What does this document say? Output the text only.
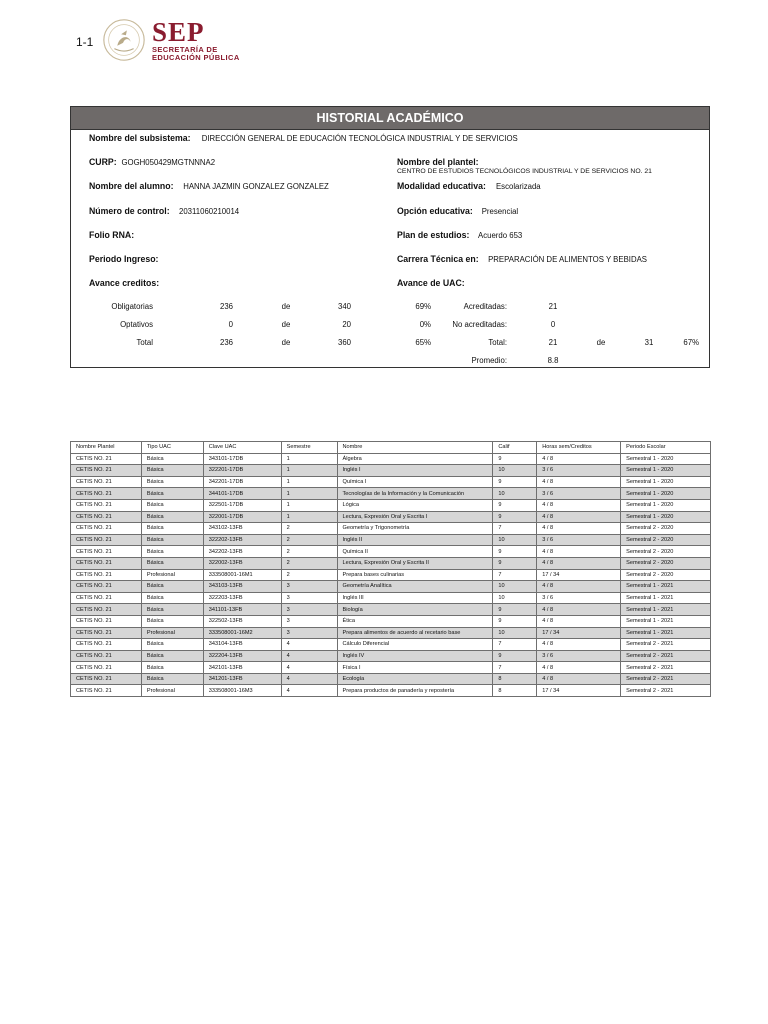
1-1 SEP
SECRETARÍA DE
EDUCACIÓN PÚBLICA
HISTORIAL ACADÉMICO
Nombre del subsistema: DIRECCIÓN GENERAL DE EDUCACIÓN TECNOLÓGICA INDUSTRIAL Y DE SERVICIOS
CURP: GOGH050429MGTNNNA2	Nombre del plantel:
CENTRO DE ESTUDIOS TECNOLÓGICOS INDUSTRIAL Y DE SERVICIOS NO. 21
Nombre del alumno: HANNA JAZMIN GONZALEZ GONZALEZ	Modalidad educativa: Escolarizada
Número de control: 20311060210014	Opción educativa: Presencial
Folio RNA:	Plan de estudios: Acuerdo 653
Periodo Ingreso:	Carrera Técnica en: PREPARACIÓN DE ALIMENTOS Y BEBIDAS
Avance creditos:	Avance de UAC:
Obligatorias	236	de	340	69%
Optativos	0	de	20	0%
Total	236	de	360	65%
Acreditadas:	21
No acreditadas:	0
Total:	21	de	31	67%
Promedio:	8.8
Nombre Plantel	Tipo UAC	Clave UAC	Semestre	Nombre	Calif	Horas sem/Creditos	Periodo Escolar
CETIS NO. 21	Básica	343101-17DB	1	Álgebra	9	4 / 8	Semestral 1 - 2020
CETIS NO. 21	Básica	322201-17DB	1	Inglés I	10	3 / 6	Semestral 1 - 2020
CETIS NO. 21	Básica	342201-17DB	1	Química I	9	4 / 8	Semestral 1 - 2020
CETIS NO. 21	Básica	344101-17DB	1	Tecnologías de la Información y la Comunicación	10	3 / 6	Semestral 1 - 2020
CETIS NO. 21	Básica	322501-17DB	1	Lógica	9	4 / 8	Semestral 1 - 2020
CETIS NO. 21	Básica	322001-17DB	1	Lectura, Expresión Oral y Escrita I	9	4 / 8	Semestral 1 - 2020
CETIS NO. 21	Básica	343102-13FB	2	Geometría y Trigonometría	7	4 / 8	Semestral 2 - 2020
CETIS NO. 21	Básica	322202-13FB	2	Inglés II	10	3 / 6	Semestral 2 - 2020
CETIS NO. 21	Básica	342202-13FB	2	Química II	9	4 / 8	Semestral 2 - 2020
CETIS NO. 21	Básica	322002-13FB	2	Lectura, Expresión Oral y Escrita II	9	4 / 8	Semestral 2 - 2020
CETIS NO. 21	Profesional	333508001-16M1	2	Prepara bases culinarias	7	17 / 34	Semestral 2 - 2020
CETIS NO. 21	Básica	343103-13FB	3	Geometría Analítica	10	4 / 8	Semestral 1 - 2021
CETIS NO. 21	Básica	322203-13FB	3	Inglés III	10	3 / 6	Semestral 1 - 2021
CETIS NO. 21	Básica	341101-13FB	3	Biología	9	4 / 8	Semestral 1 - 2021
CETIS NO. 21	Básica	322502-13FB	3	Ética	9	4 / 8	Semestral 1 - 2021
CETIS NO. 21	Profesional	333508001-16M2	3	Prepara alimentos de acuerdo al recetario base	10	17 / 34	Semestral 1 - 2021
CETIS NO. 21	Básica	343104-13FB	4	Cálculo Diferencial	7	4 / 8	Semestral 2 - 2021
CETIS NO. 21	Básica	322204-13FB	4	Inglés IV	9	3 / 6	Semestral 2 - 2021
CETIS NO. 21	Básica	342101-13FB	4	Física I	7	4 / 8	Semestral 2 - 2021
CETIS NO. 21	Básica	341201-13FB	4	Ecología	8	4 / 8	Semestral 2 - 2021
CETIS NO. 21	Profesional	333508001-16M3	4	Prepara productos de panadería y repostería	8	17 / 34	Semestral 2 - 2021
